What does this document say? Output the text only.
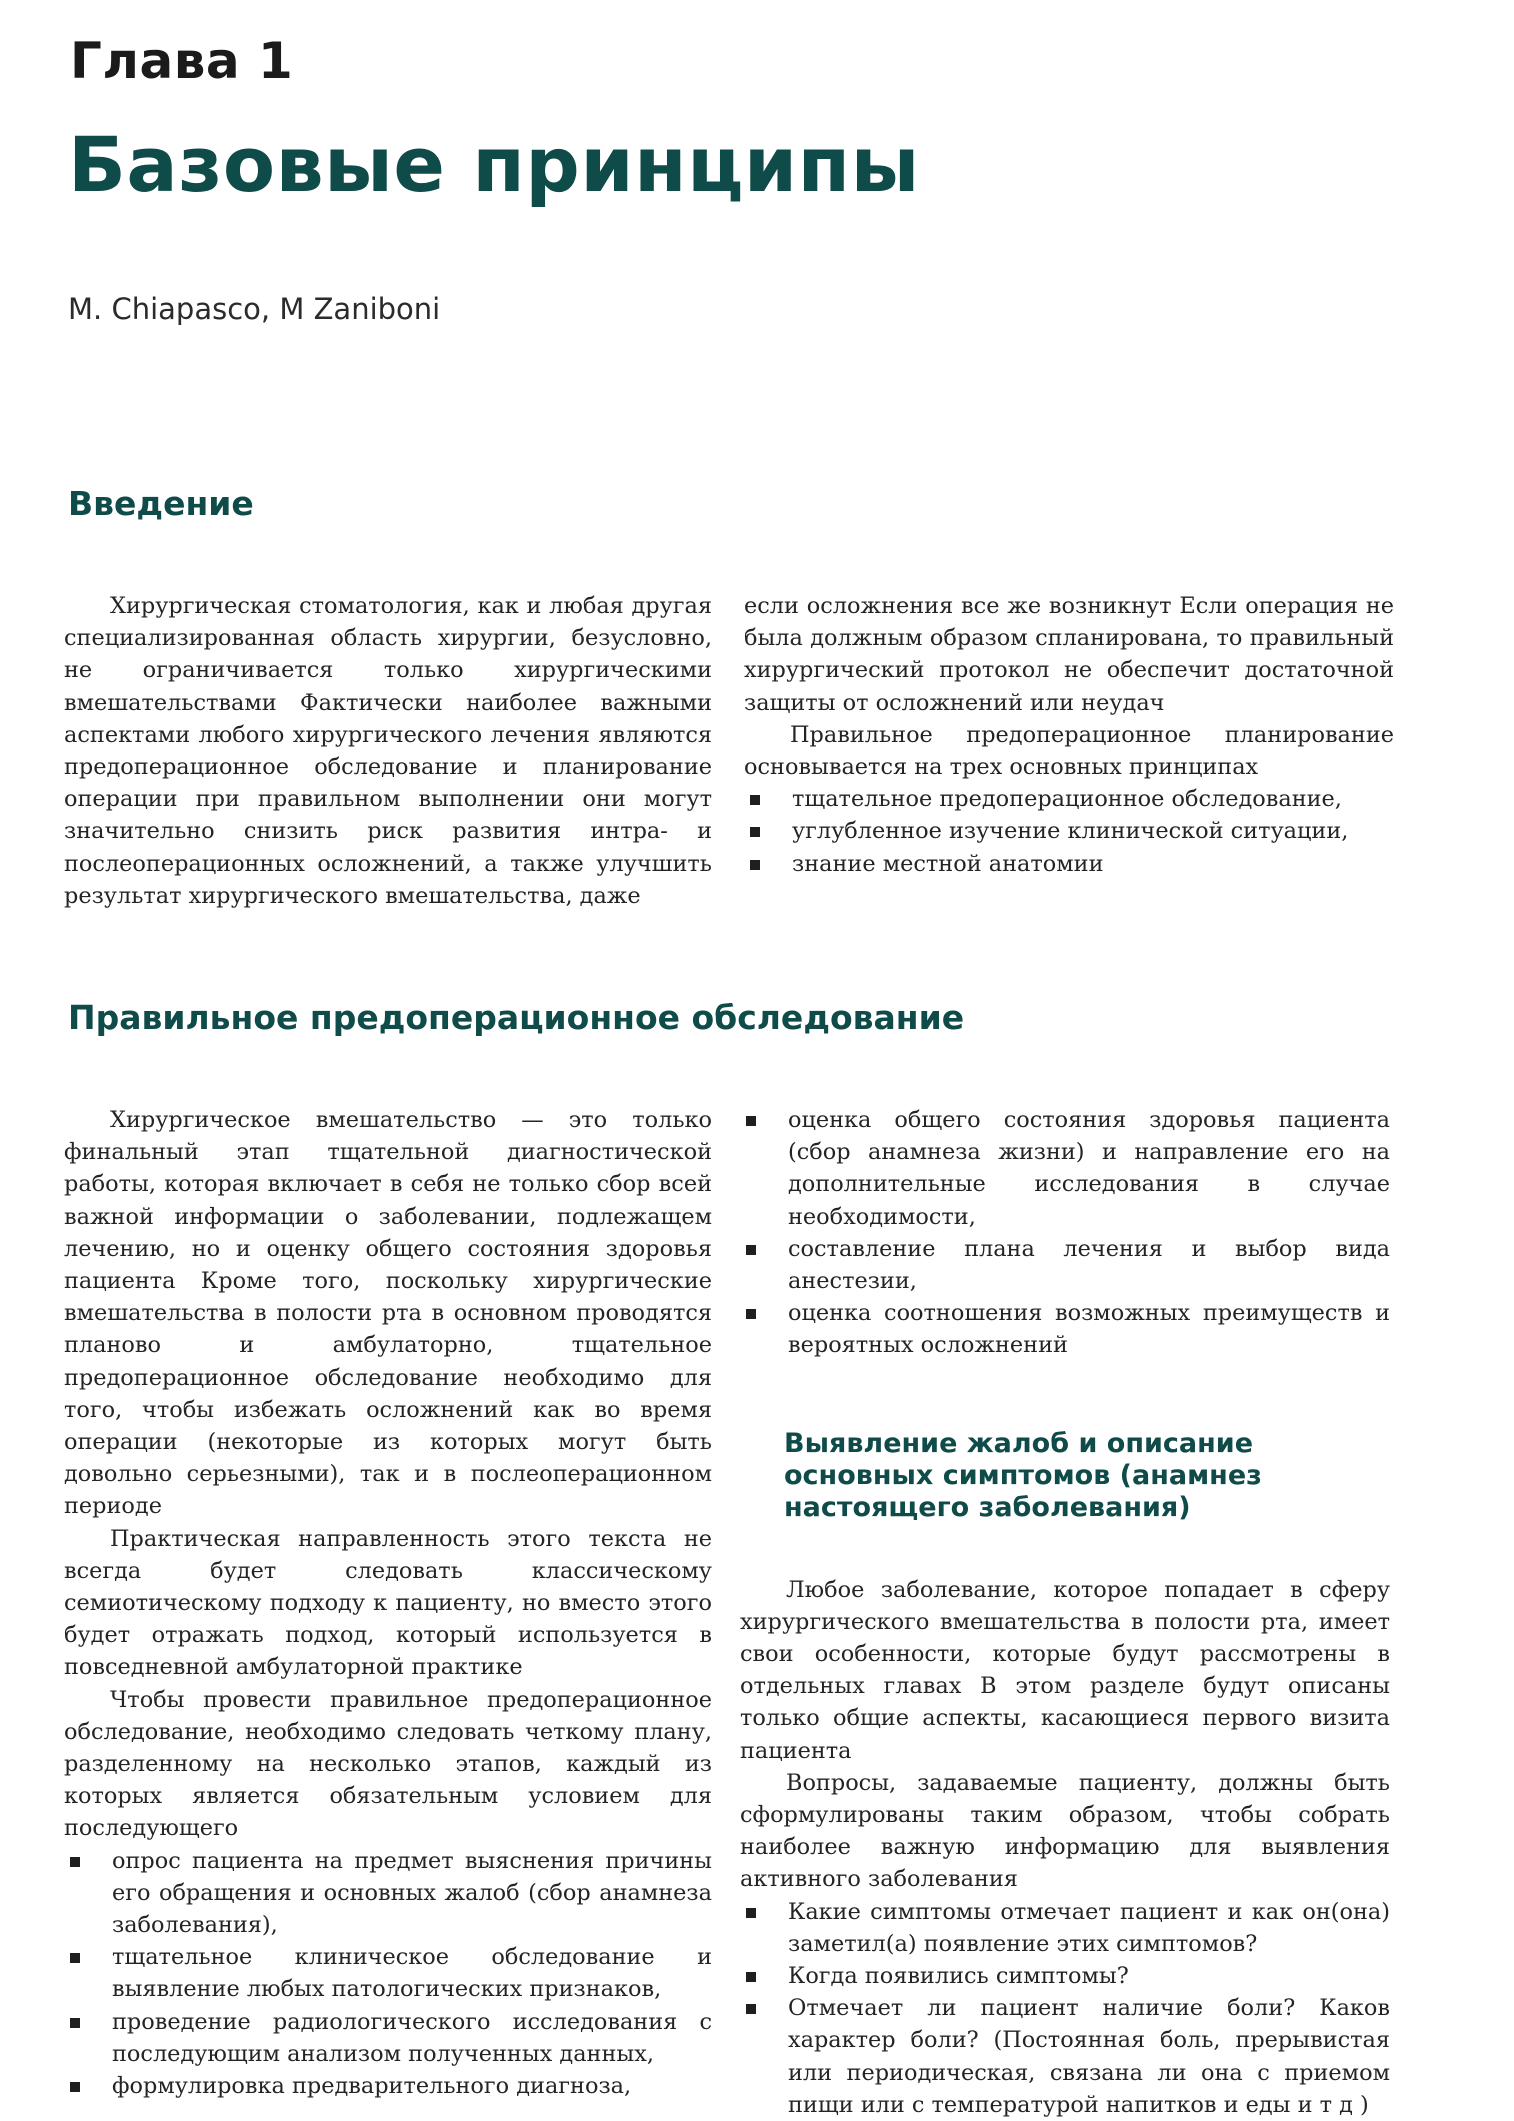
Глава 1
Базовые принципы
M. Chiapasco, M Zaniboni
Введение

Хирургическая стоматология, как и любая другая специализированная область хирургии, безусловно, не ограничивается только хирургическими вмешательствами Фактически наиболее важными аспектами любого хирургического лечения являются предоперационное обследование и планирование операции при правильном выполнении они могут значительно снизить риск развития интра- и послеоперационных осложнений, а также улучшить результат хирургического вмешательства, даже

если осложнения все же возникнут Если операция не была должным образом спланирована, то правильный хирургический протокол не обеспечит достаточной защиты от осложнений или неудач

Правильное предоперационное планирование основывается на трех основных принципах

тщательное предоперационное обследование,
углубленное изучение клинической ситуации,
знание местной анатомии
Правильное предоперационное обследование

Хирургическое вмешательство — это только финальный этап тщательной диагностической работы, которая включает в себя не только сбор всей важной информации о заболевании, подлежащем лечению, но и оценку общего состояния здоровья пациента Кроме того, поскольку хирургические вмешательства в полости рта в основном проводятся планово и амбулаторно, тщательное предоперационное обследование необходимо для того, чтобы избежать осложнений как во время операции (некоторые из которых могут быть довольно серьезными), так и в послеоперационном периоде

Практическая направленность этого текста не всегда будет следовать классическому семиотическому подходу к пациенту, но вместо этого будет отражать подход, который используется в повседневной амбулаторной практике

Чтобы провести правильное предоперационное обследование, необходимо следовать четкому плану, разделенному на несколько этапов, каждый из которых является обязательным условием для последующего

опрос пациента на предмет выяснения причины его обращения и основных жалоб (сбор анамнеза заболевания),
тщательное клиническое обследование и выявление любых патологических признаков,
проведение радиологического исследования с последующим анализом полученных данных,
формулировка предварительного диагноза,
оценка общего состояния здоровья пациента (сбор анамнеза жизни) и направление его на дополнительные исследования в случае необходимости,
составление плана лечения и выбор вида анестезии,
оценка соотношения возможных преимуществ и вероятных осложнений
Выявление жалоб и описание основных симптомов (анамнез настоящего заболевания)

Любое заболевание, которое попадает в сферу хирургического вмешательства в полости рта, имеет свои особенности, которые будут рассмотрены в отдельных главах В этом разделе будут описаны только общие аспекты, касающиеся первого визита пациента

Вопросы, задаваемые пациенту, должны быть сформулированы таким образом, чтобы собрать наиболее важную информацию для выявления активного заболевания

Какие симптомы отмечает пациент и как он(она) заметил(а) появление этих симптомов?
Когда появились симптомы?
Отмечает ли пациент наличие боли? Каков характер боли? (Постоянная боль, прерывистая или периодическая, связана ли она с приемом пищи или с температурой напитков и еды и т д )
